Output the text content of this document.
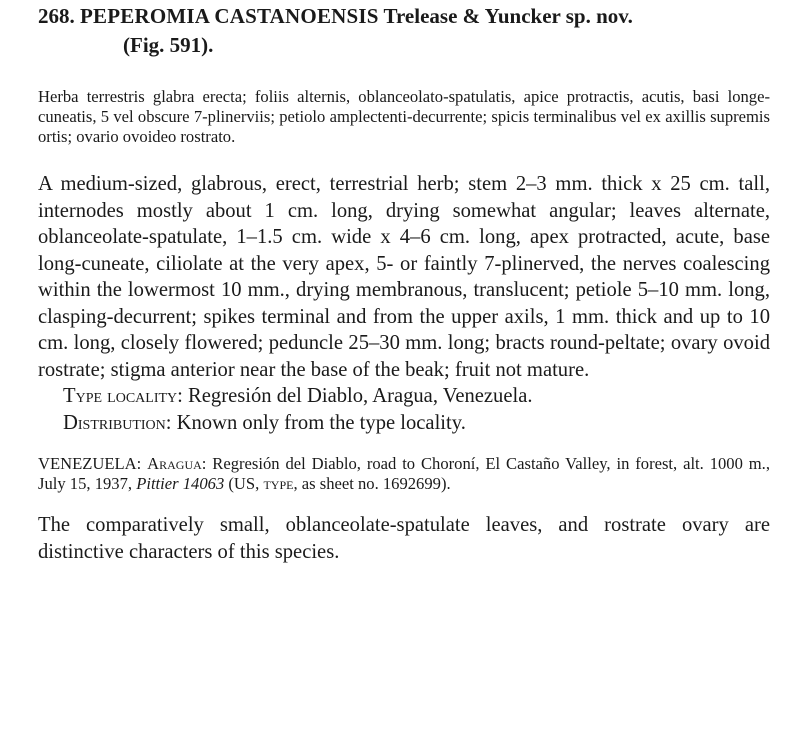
268. PEPEROMIA CASTANOENSIS Trelease & Yuncker sp. nov.
(Fig. 591).

Herba terrestris glabra erecta; foliis alternis, oblanceolato-spatulatis, apice protractis, acutis, basi longe-cuneatis, 5 vel obscure 7-plinerviis; petiolo amplectenti-decurrente; spicis terminalibus vel ex axillis supremis ortis; ovario ovoideo rostrato.

A medium-sized, glabrous, erect, terrestrial herb; stem 2–3 mm. thick x 25 cm. tall, internodes mostly about 1 cm. long, drying somewhat angular; leaves alternate, oblanceolate-spatulate, 1–1.5 cm. wide x 4–6 cm. long, apex protracted, acute, base long-cuneate, ciliolate at the very apex, 5- or faintly 7-plinerved, the nerves coalescing within the lowermost 10 mm., drying membranous, translucent; petiole 5–10 mm. long, clasping-decurrent; spikes terminal and from the upper axils, 1 mm. thick and up to 10 cm. long, closely flowered; peduncle 25–30 mm. long; bracts round-peltate; ovary ovoid rostrate; stigma anterior near the base of the beak; fruit not mature.

Type locality: Regresión del Diablo, Aragua, Venezuela.
Distribution: Known only from the type locality.

VENEZUELA: Aragua: Regresión del Diablo, road to Choroní, El Castaño Valley, in forest, alt. 1000 m., July 15, 1937, Pittier 14063 (US, type, as sheet no. 1692699).

The comparatively small, oblanceolate-spatulate leaves, and rostrate ovary are distinctive characters of this species.
